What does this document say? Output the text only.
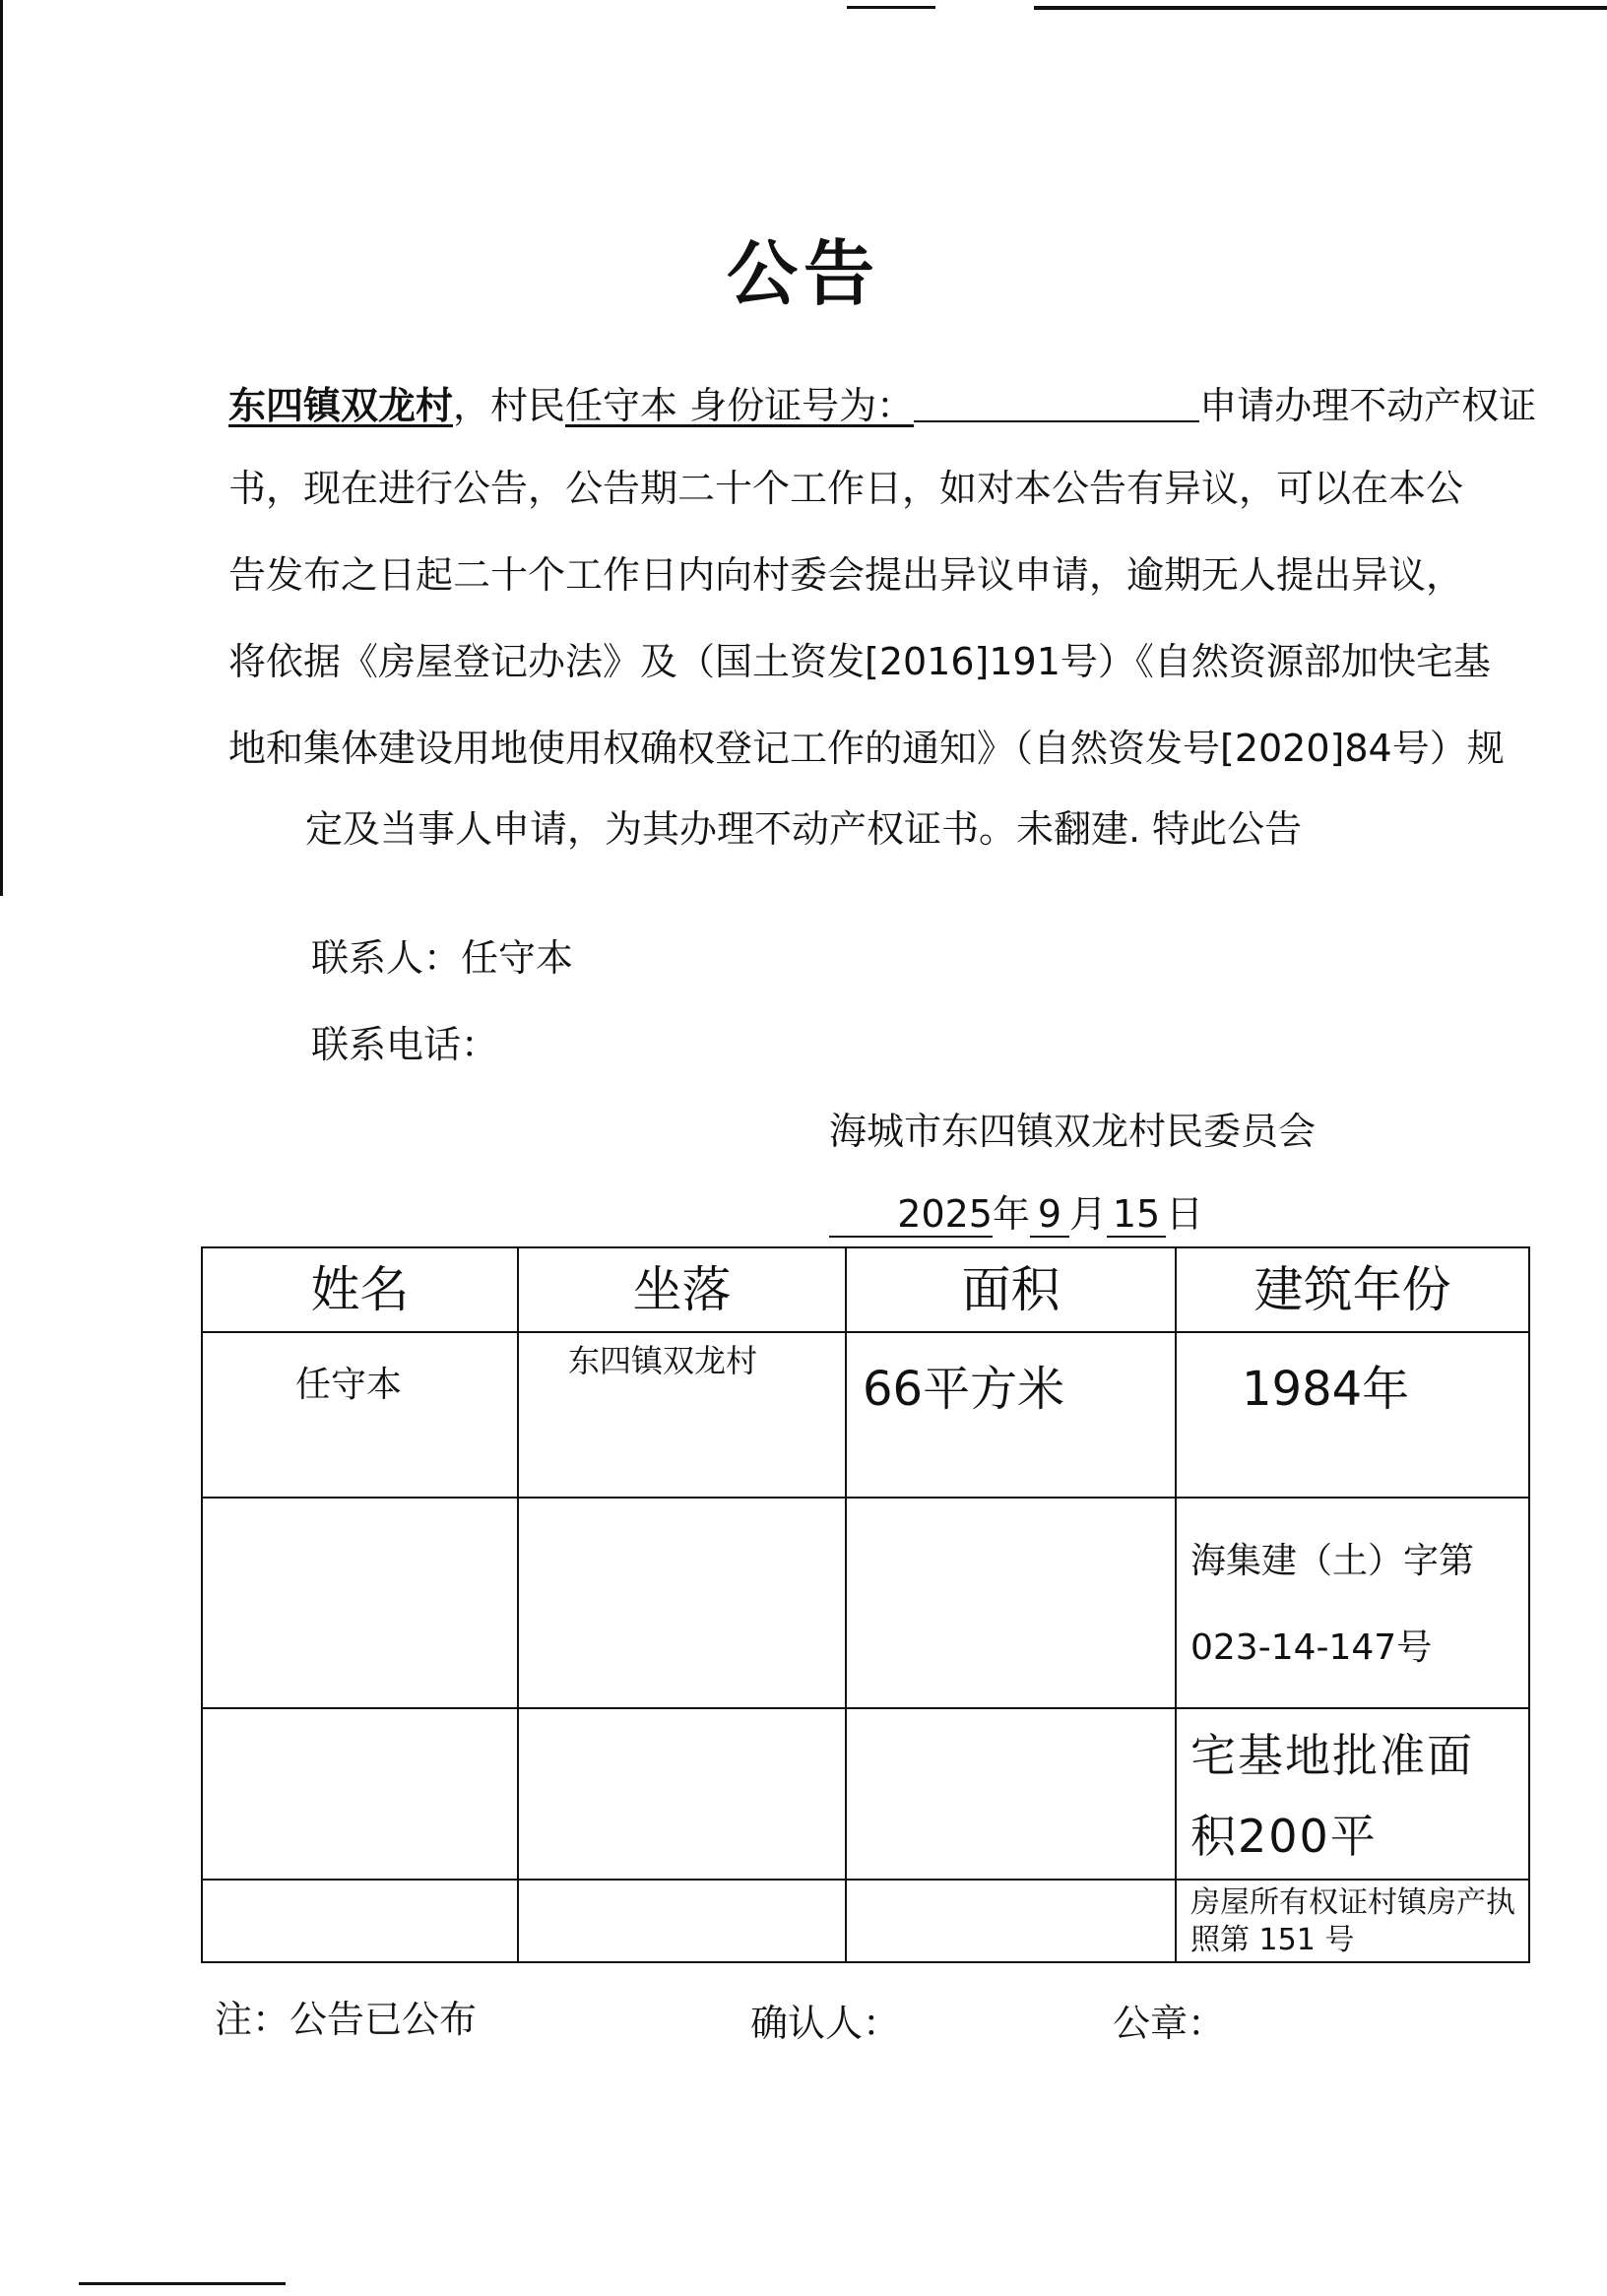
公告
东四镇双龙村，村民任守本 身份证号为：	申请办理不动产权证
书，现在进行公告，公告期二十个工作日，如对本公告有异议，可以在本公
告发布之日起二十个工作日内向村委会提出异议申请，逾期无人提出异议，
将依据《房屋登记办法》及（国土资发[2016]191号）《自然资源部加快宅基
地和集体建设用地使用权确权登记工作的通知》（自然资发号[2020]84号）规
定及当事人申请，为其办理不动产权证书。未翻建. 特此公告
联系人：任守本
联系电话：
海城市东四镇双龙村民委员会
2025年 9 月 15 日
姓名	坐落	面积	建筑年份
任守本	东四镇双龙村	66平方米	1984年
			海集建（土）字第023-14-147号
			宅基地批准面积200平
			房屋所有权证村镇房产执照第 151 号
注：公告已公布	确认人：	公章：
